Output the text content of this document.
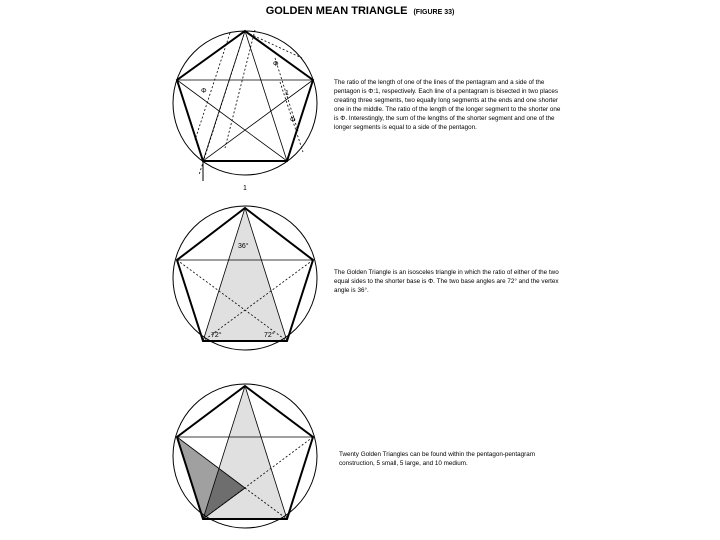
GOLDEN MEAN TRIANGLE (FIGURE 33)
Φ
Φ
1
Φ
1
36°
72°	72°

The ratio of the length of one of the lines of the pentagram and a side of the pentagon is Φ:1, respectively. Each line of a pentagram is bisected in two places creating three segments, two equally long segments at the ends and one shorter one in the middle. The ratio of the length of the longer segment to the shorter one is Φ. Interestingly, the sum of the lengths of the shorter segment and one of the longer segments is equal to a side of the pentagon.

The Golden Triangle is an isosceles triangle in which the ratio of either of the two equal sides to the shorter base is Φ. The two base angles are 72° and the vertex angle is 36°.

Twenty Golden Triangles can be found within the pentagon-pentagram construction, 5 small, 5 large, and 10 medium.
